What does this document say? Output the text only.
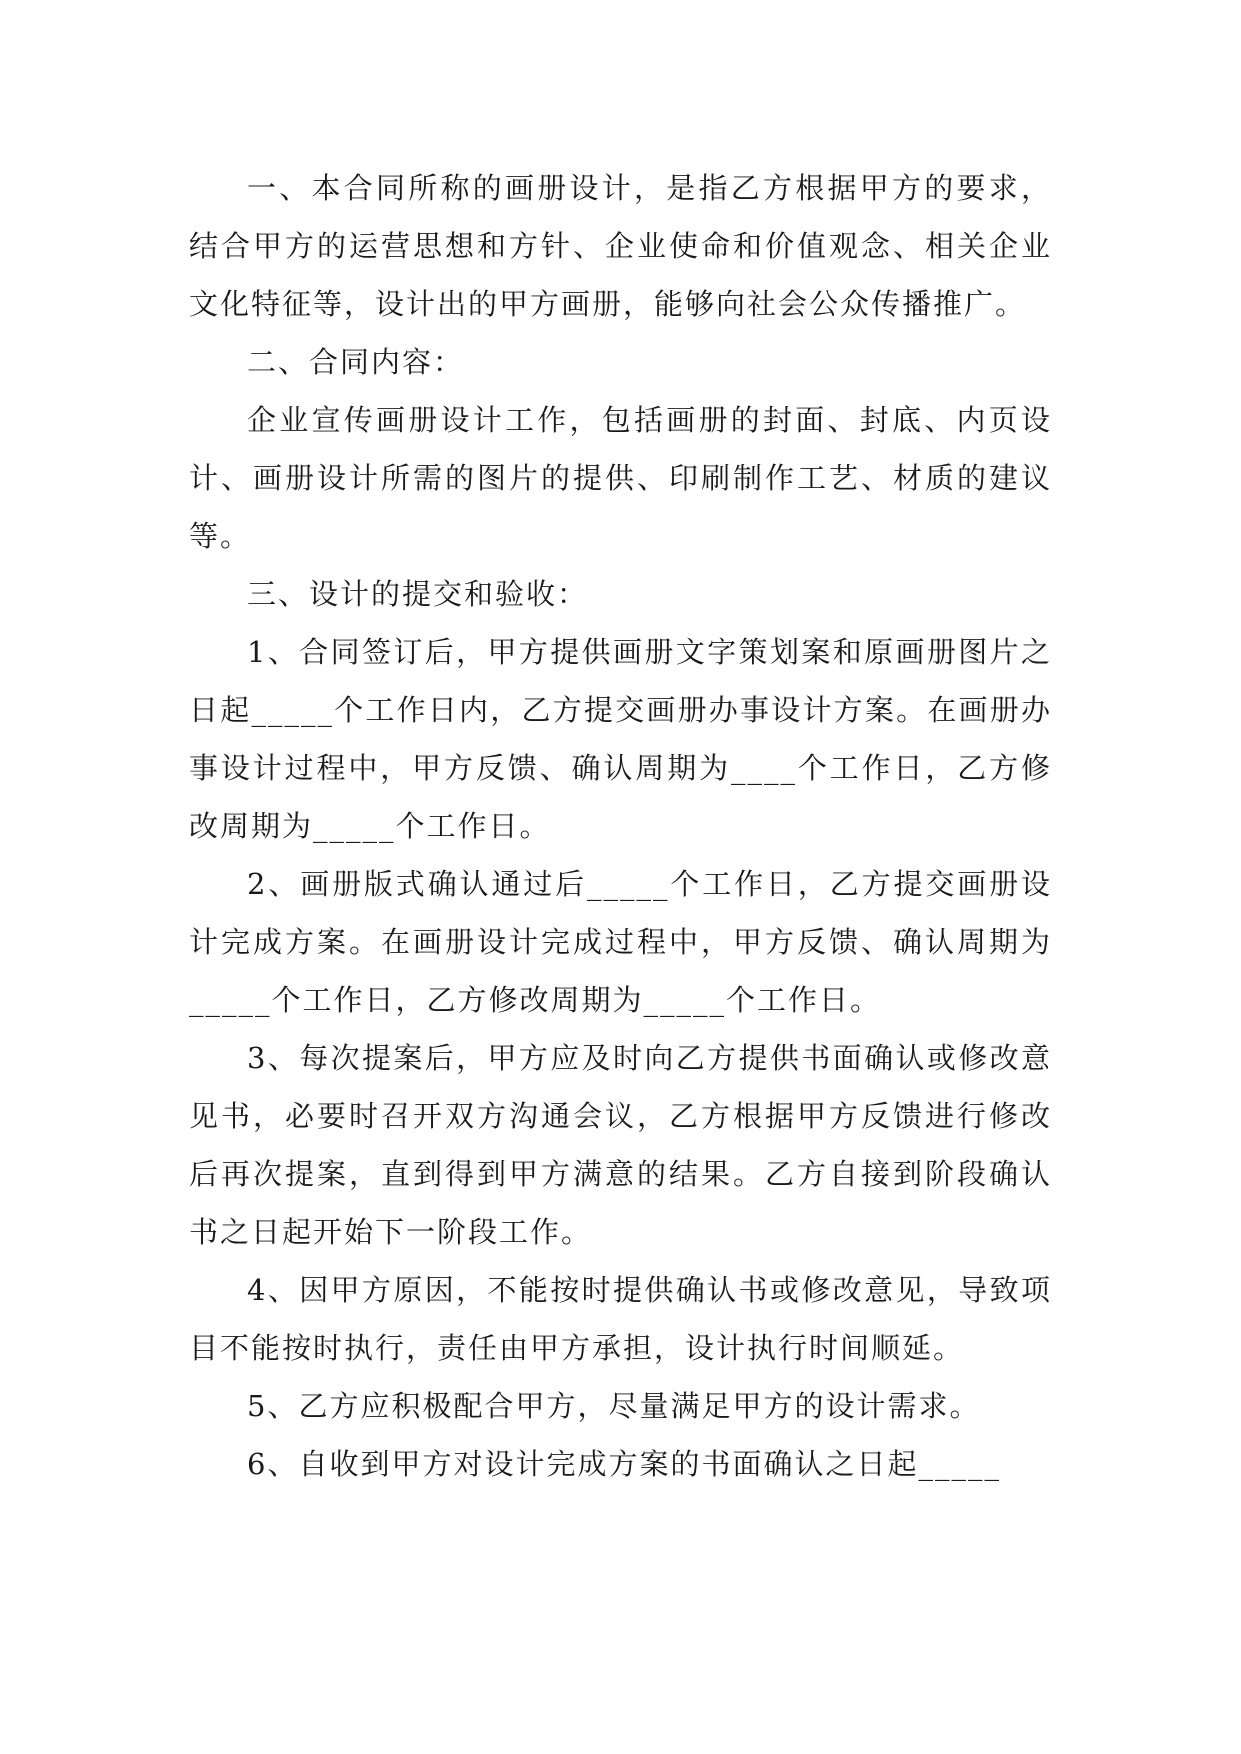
一、本合同所称的画册设计，是指乙方根据甲方的要求，结合甲方的运营思想和方针、企业使命和价值观念、相关企业文化特征等，设计出的甲方画册，能够向社会公众传播推广。

二、合同内容：

企业宣传画册设计工作，包括画册的封面、封底、内页设计、画册设计所需的图片的提供、印刷制作工艺、材质的建议等。

三、设计的提交和验收：

1、合同签订后，甲方提供画册文字策划案和原画册图片之日起_____个工作日内，乙方提交画册办事设计方案。在画册办事设计过程中，甲方反馈、确认周期为____个工作日，乙方修改周期为_____个工作日。

2、画册版式确认通过后_____个工作日，乙方提交画册设计完成方案。在画册设计完成过程中，甲方反馈、确认周期为_____个工作日，乙方修改周期为_____个工作日。

3、每次提案后，甲方应及时向乙方提供书面确认或修改意见书，必要时召开双方沟通会议，乙方根据甲方反馈进行修改后再次提案，直到得到甲方满意的结果。乙方自接到阶段确认书之日起开始下一阶段工作。

4、因甲方原因，不能按时提供确认书或修改意见，导致项目不能按时执行，责任由甲方承担，设计执行时间顺延。

5、乙方应积极配合甲方，尽量满足甲方的设计需求。

6、自收到甲方对设计完成方案的书面确认之日起_____
